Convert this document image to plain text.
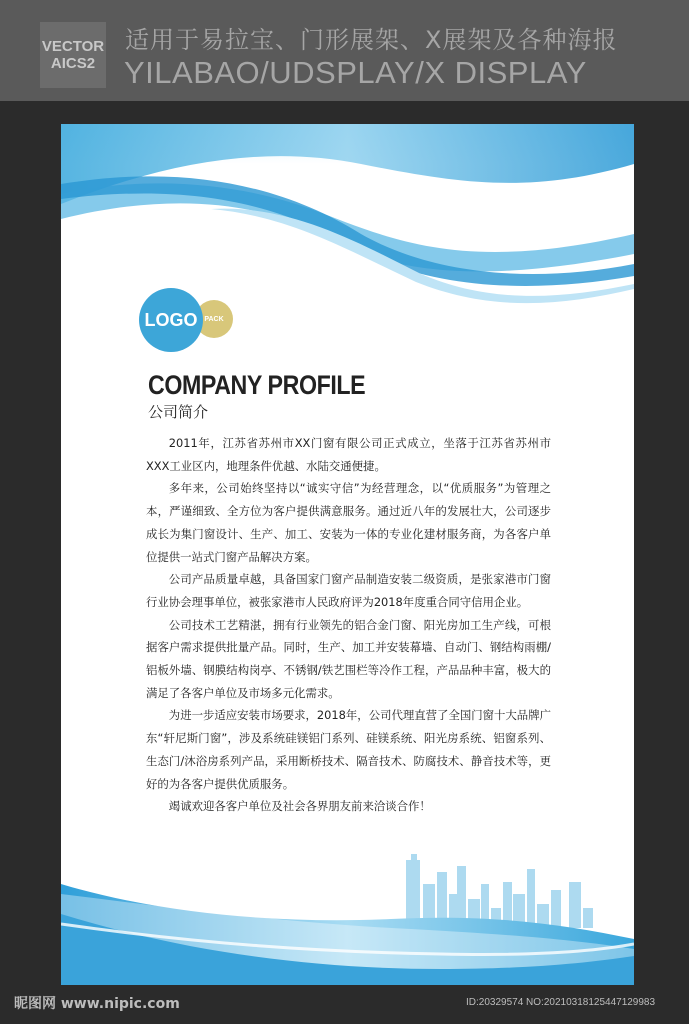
VECTOR
AICS2
适用于易拉宝、门形展架、X展架及各种海报
YILABAO/UDSPLAY/X DISPLAY
LOGO PACK
COMPANY PROFILE
公司简介

2011年，江苏省苏州市XX门窗有限公司正式成立，坐落于江苏省苏州市XXX工业区内，地理条件优越、水陆交通便捷。

多年来，公司始终坚持以“诚实守信”为经营理念，以“优质服务”为管理之本，严谨细致、全方位为客户提供满意服务。通过近八年的发展壮大，公司逐步成长为集门窗设计、生产、加工、安装为一体的专业化建材服务商，为各客户单位提供一站式门窗产品解决方案。

公司产品质量卓越，具备国家门窗产品制造安装二级资质，是张家港市门窗行业协会理事单位，被张家港市人民政府评为2018年度重合同守信用企业。

公司技术工艺精湛，拥有行业领先的铝合金门窗、阳光房加工生产线，可根据客户需求提供批量产品。同时，生产、加工并安装幕墙、自动门、钢结构雨棚/铝板外墙、钢膜结构岗亭、不锈钢/铁艺围栏等冷作工程，产品品种丰富，极大的满足了各客户单位及市场多元化需求。

为进一步适应安装市场要求，2018年，公司代理直营了全国门窗十大品牌广东“轩尼斯门窗”，涉及系统硅镁铝门系列、硅镁系统、阳光房系统、铝窗系列、生态门/沐浴房系列产品，采用断桥技术、隔音技术、防腐技术、静音技术等，更好的为各客户提供优质服务。

竭诚欢迎各客户单位及社会各界朋友前来洽谈合作！

昵图网 www.nipic.com	ID:20329574 NO:20210318125447129983
